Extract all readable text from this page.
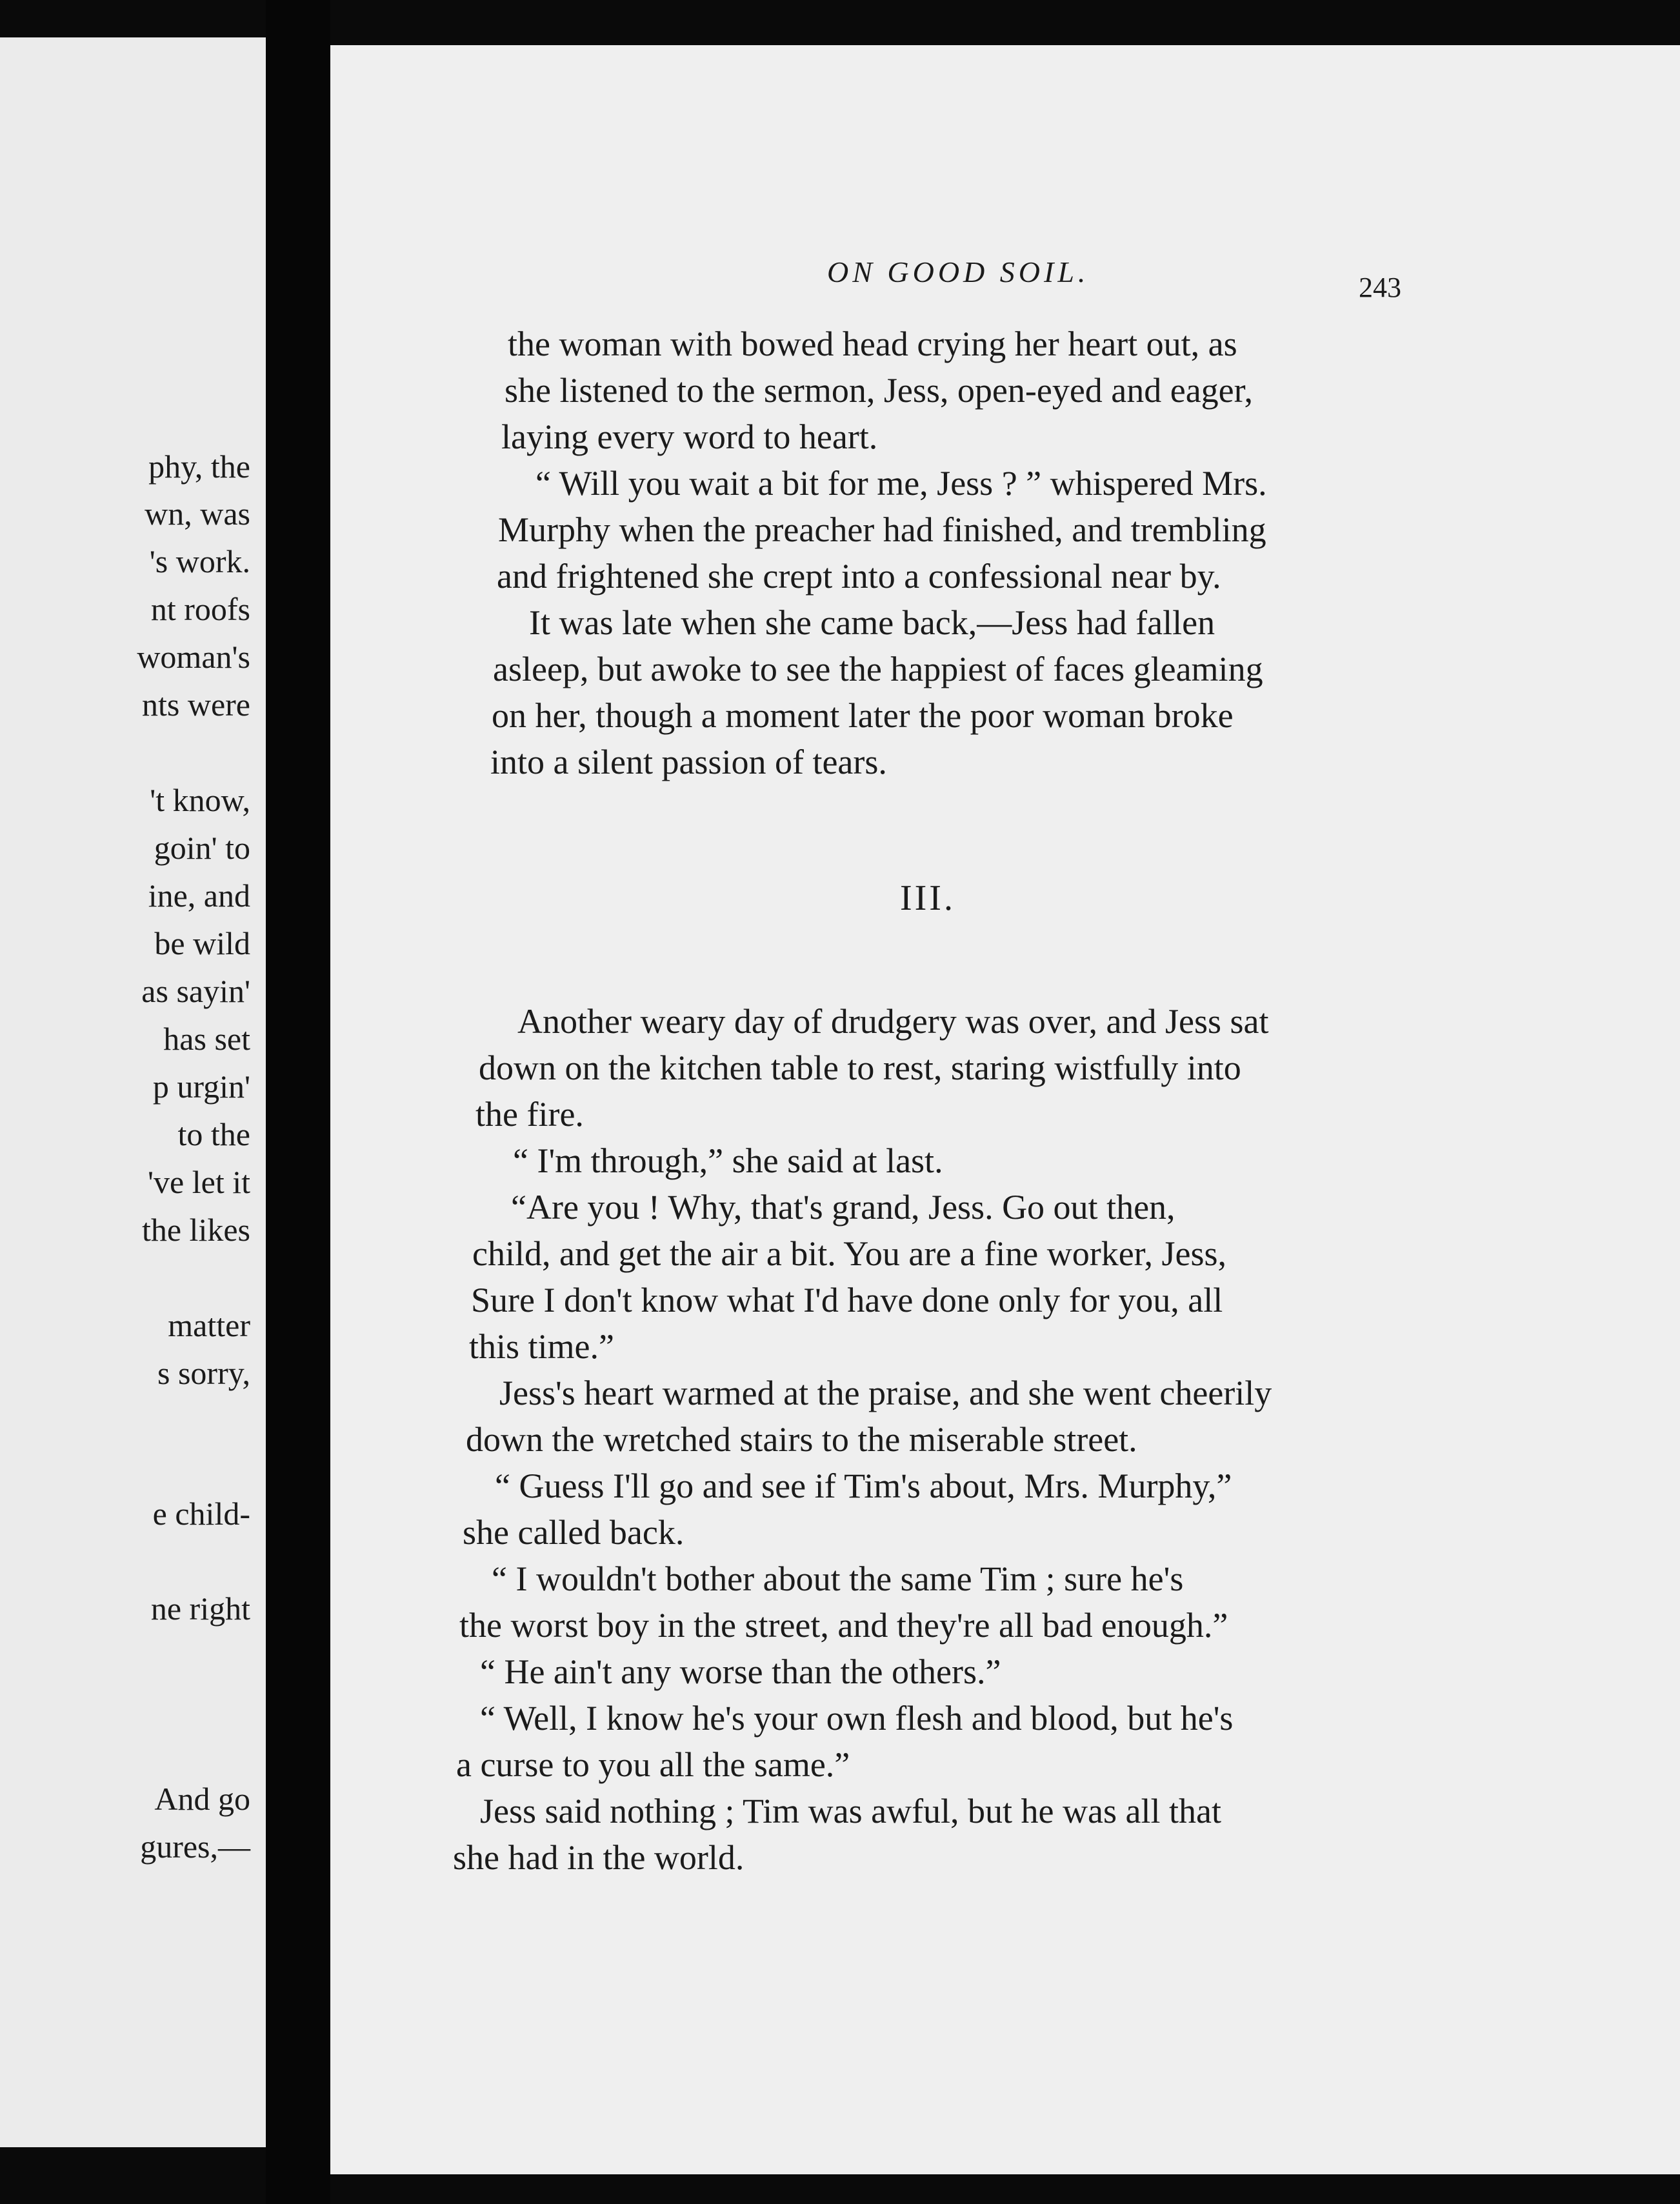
phy, the
wn, was
's work.
nt roofs
woman's
nts were
't know,
goin' to
ine, and
be wild
as sayin'
has set
p urgin'
to the
've let it
the likes
matter
s sorry,
e child-
ne right
And go
gures,—
ON GOOD SOIL.	243
the woman with bowed head crying her heart out, as
she listened to the sermon, Jess, open-eyed and eager,
laying every word to heart.
“ Will you wait a bit for me, Jess ? ” whispered Mrs.
Murphy when the preacher had finished, and trembling
and frightened she crept into a confessional near by.
It was late when she came back,—Jess had fallen
asleep, but awoke to see the happiest of faces gleaming
on her, though a moment later the poor woman broke
into a silent passion of tears.
III.
Another weary day of drudgery was over, and Jess sat
down on the kitchen table to rest, staring wistfully into
the fire.
“ I'm through,” she said at last.
“Are you ! Why, that's grand, Jess. Go out then,
child, and get the air a bit. You are a fine worker, Jess,
Sure I don't know what I'd have done only for you, all
this time.”
Jess's heart warmed at the praise, and she went cheerily
down the wretched stairs to the miserable street.
“ Guess I'll go and see if Tim's about, Mrs. Murphy,”
she called back.
“ I wouldn't bother about the same Tim ; sure he's
the worst boy in the street, and they're all bad enough.”
“ He ain't any worse than the others.”
“ Well, I know he's your own flesh and blood, but he's
a curse to you all the same.”
Jess said nothing ; Tim was awful, but he was all that
she had in the world.
